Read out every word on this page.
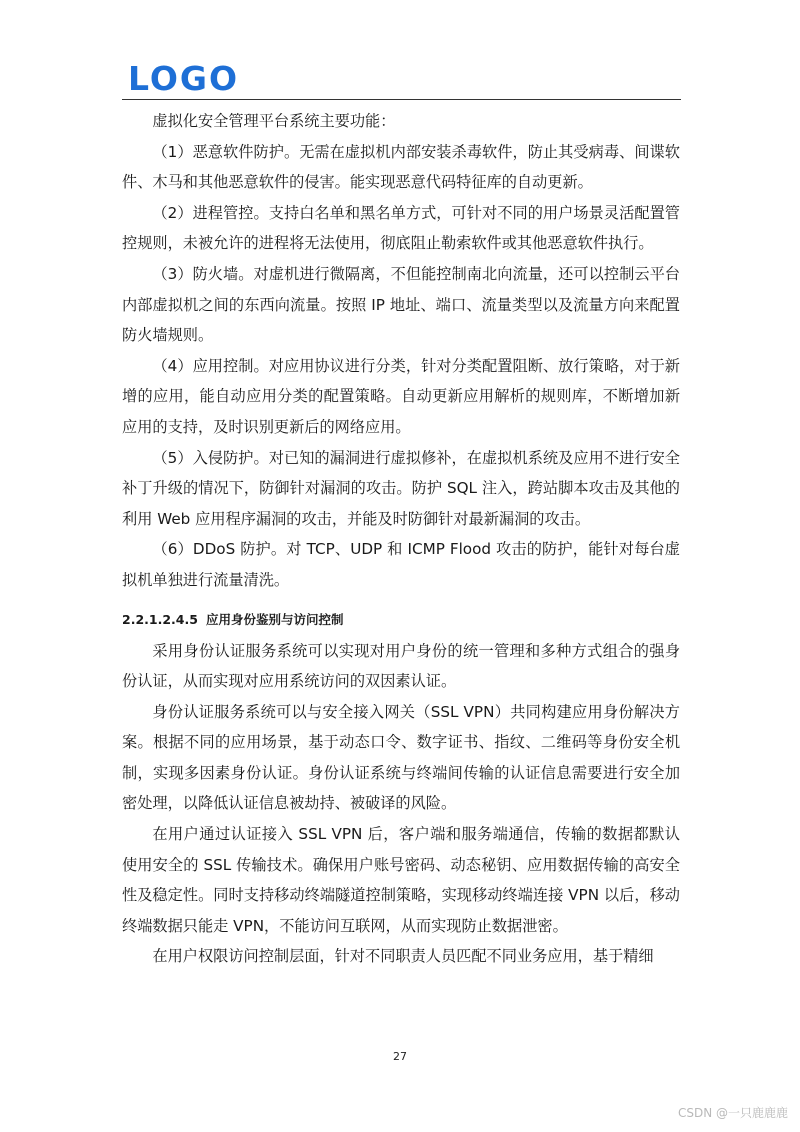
LOGO

虚拟化安全管理平台系统主要功能：

（1）恶意软件防护。无需在虚拟机内部安装杀毒软件，防止其受病毒、间谍软件、木马和其他恶意软件的侵害。能实现恶意代码特征库的自动更新。

（2）进程管控。支持白名单和黑名单方式，可针对不同的用户场景灵活配置管控规则，未被允许的进程将无法使用，彻底阻止勒索软件或其他恶意软件执行。

（3）防火墙。对虚机进行微隔离，不但能控制南北向流量，还可以控制云平台内部虚拟机之间的东西向流量。按照 IP 地址、端口、流量类型以及流量方向来配置防火墙规则。

（4）应用控制。对应用协议进行分类，针对分类配置阻断、放行策略，对于新增的应用，能自动应用分类的配置策略。自动更新应用解析的规则库，不断增加新应用的支持，及时识别更新后的网络应用。

（5）入侵防护。对已知的漏洞进行虚拟修补，在虚拟机系统及应用不进行安全补丁升级的情况下，防御针对漏洞的攻击。防护 SQL 注入，跨站脚本攻击及其他的利用 Web 应用程序漏洞的攻击，并能及时防御针对最新漏洞的攻击。

（6）DDoS 防护。对 TCP、UDP 和 ICMP Flood 攻击的防护，能针对每台虚拟机单独进行流量清洗。

2.2.1.2.4.5 应用身份鉴别与访问控制

采用身份认证服务系统可以实现对用户身份的统一管理和多种方式组合的强身份认证，从而实现对应用系统访问的双因素认证。

身份认证服务系统可以与安全接入网关（SSL VPN）共同构建应用身份解决方案。根据不同的应用场景，基于动态口令、数字证书、指纹、二维码等身份安全机制，实现多因素身份认证。身份认证系统与终端间传输的认证信息需要进行安全加密处理，以降低认证信息被劫持、被破译的风险。

在用户通过认证接入 SSL VPN 后，客户端和服务端通信，传输的数据都默认使用安全的 SSL 传输技术。确保用户账号密码、动态秘钥、应用数据传输的高安全性及稳定性。同时支持移动终端隧道控制策略，实现移动终端连接 VPN 以后，移动终端数据只能走 VPN，不能访问互联网，从而实现防止数据泄密。

在用户权限访问控制层面，针对不同职责人员匹配不同业务应用，基于精细

27
CSDN @一只鹿鹿鹿
